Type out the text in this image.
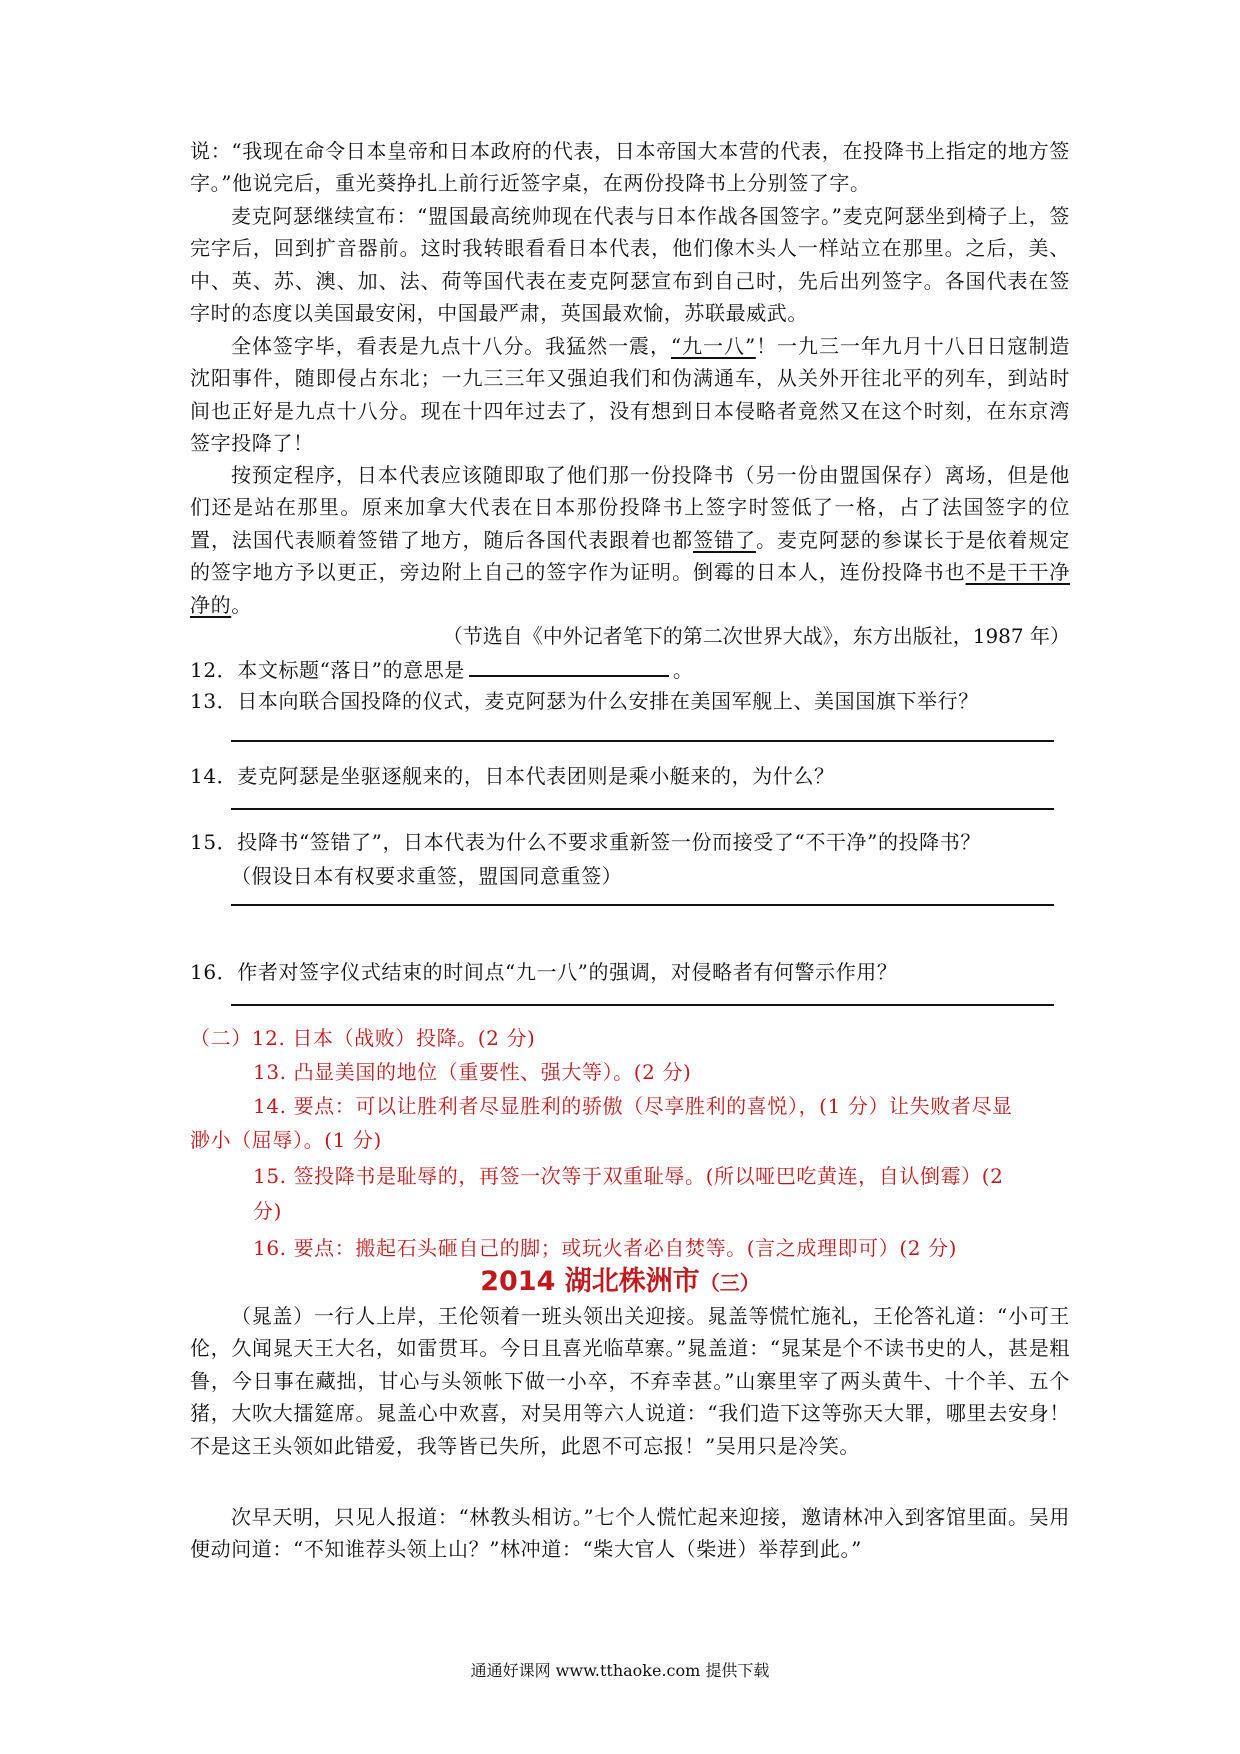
说：“我现在命令日本皇帝和日本政府的代表，日本帝国大本营的代表，在投降书上指定的地方签字。”他说完后，重光葵挣扎上前行近签字桌，在两份投降书上分别签了字。

麦克阿瑟继续宣布：“盟国最高统帅现在代表与日本作战各国签字。”麦克阿瑟坐到椅子上，签完字后，回到扩音器前。这时我转眼看看日本代表，他们像木头人一样站立在那里。之后，美、中、英、苏、澳、加、法、荷等国代表在麦克阿瑟宣布到自己时，先后出列签字。各国代表在签字时的态度以美国最安闲，中国最严肃，英国最欢愉，苏联最威武。

全体签字毕，看表是九点十八分。我猛然一震，“九一八”！一九三一年九月十八日日寇制造沈阳事件，随即侵占东北；一九三三年又强迫我们和伪满通车，从关外开往北平的列车，到站时间也正好是九点十八分。现在十四年过去了，没有想到日本侵略者竟然又在这个时刻，在东京湾签字投降了！

按预定程序，日本代表应该随即取了他们那一份投降书（另一份由盟国保存）离场，但是他们还是站在那里。原来加拿大代表在日本那份投降书上签字时签低了一格，占了法国签字的位置，法国代表顺着签错了地方，随后各国代表跟着也都签错了。麦克阿瑟的参谋长于是依着规定的签字地方予以更正，旁边附上自己的签字作为证明。倒霉的日本人，连份投降书也不是干干净净的。

（节选自《中外记者笔下的第二次世界大战》，东方出版社，1987 年）
12．本文标题“落日”的意思是	。
13．日本向联合国投降的仪式，麦克阿瑟为什么安排在美国军舰上、美国国旗下举行？
14．麦克阿瑟是坐驱逐舰来的，日本代表团则是乘小艇来的，为什么？
15．投降书“签错了”，日本代表为什么不要求重新签一份而接受了“不干净”的投降书？
（假设日本有权要求重签，盟国同意重签）
16．作者对签字仪式结束的时间点“九一八”的强调，对侵略者有何警示作用？
（二）12. 日本（战败）投降。(2 分)
13. 凸显美国的地位（重要性、强大等）。(2 分)
14. 要点：可以让胜利者尽显胜利的骄傲（尽享胜利的喜悦），(1 分）让失败者尽显
渺小（屈辱）。(1 分)
15. 签投降书是耻辱的，再签一次等于双重耻辱。(所以哑巴吃黄连，自认倒霉）(2
分)
16. 要点：搬起石头砸自己的脚；或玩火者必自焚等。(言之成理即可）(2 分)
2014 湖北株洲市（三）

（晁盖）一行人上岸，王伦领着一班头领出关迎接。晁盖等慌忙施礼，王伦答礼道：“小可王伦，久闻晁天王大名，如雷贯耳。今日且喜光临草寨。”晁盖道：“晁某是个不读书史的人，甚是粗鲁，今日事在藏拙，甘心与头领帐下做一小卒，不弃幸甚。”山寨里宰了两头黄牛、十个羊、五个猪，大吹大擂筵席。晁盖心中欢喜，对吴用等六人说道：“我们造下这等弥天大罪，哪里去安身！不是这王头领如此错爱，我等皆已失所，此恩不可忘报！”吴用只是冷笑。

次早天明，只见人报道：“林教头相访。”七个人慌忙起来迎接，邀请林冲入到客馆里面。吴用便动问道：“不知谁荐头领上山？”林冲道：“柴大官人（柴进）举荐到此。”

通通好课网 www.tthaoke.com 提供下载
